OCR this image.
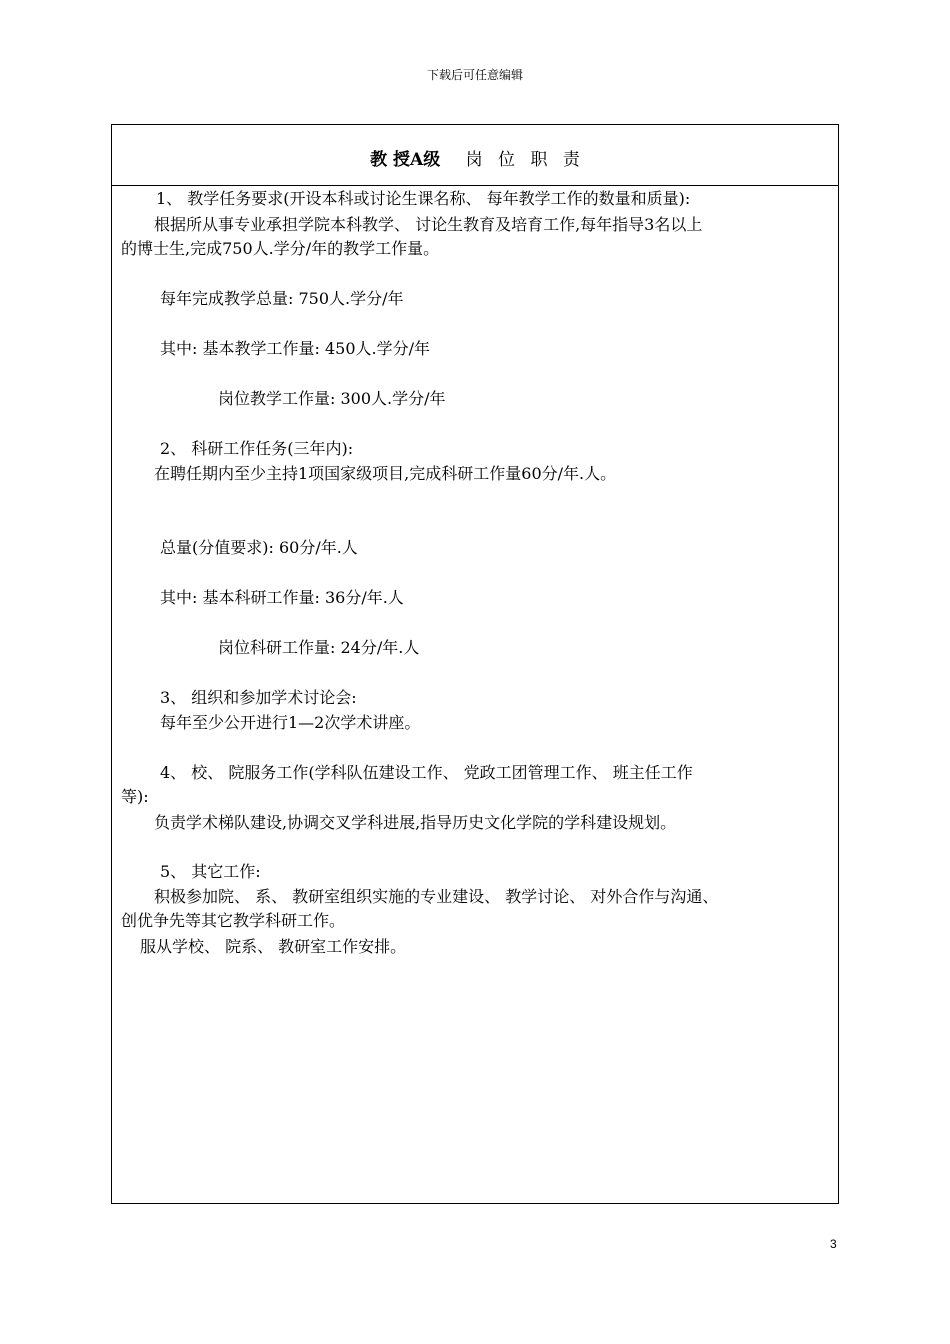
下载后可任意编辑
教 授A级 岗 位 职 责
1、 教学任务要求(开设本科或讨论生课名称、 每年教学工作的数量和质量):
根据所从事专业承担学院本科教学、 讨论生教育及培育工作,每年指导3名以上
的博士生,完成750人.学分/年的教学工作量。
每年完成教学总量: 750人.学分/年
其中: 基本教学工作量: 450人.学分/年
岗位教学工作量: 300人.学分/年
2、 科研工作任务(三年内):
在聘任期内至少主持1项国家级项目,完成科研工作量60分/年.人。
总量(分值要求): 60分/年.人
其中: 基本科研工作量: 36分/年.人
岗位科研工作量: 24分/年.人
3、 组织和参加学术讨论会:
每年至少公开进行1—2次学术讲座。
4、 校、 院服务工作(学科队伍建设工作、 党政工团管理工作、 班主任工作
等):
负责学术梯队建设,协调交叉学科进展,指导历史文化学院的学科建设规划。
5、 其它工作:
积极参加院、 系、 教研室组织实施的专业建设、 教学讨论、 对外合作与沟通、
创优争先等其它教学科研工作。
服从学校、 院系、 教研室工作安排。
3
